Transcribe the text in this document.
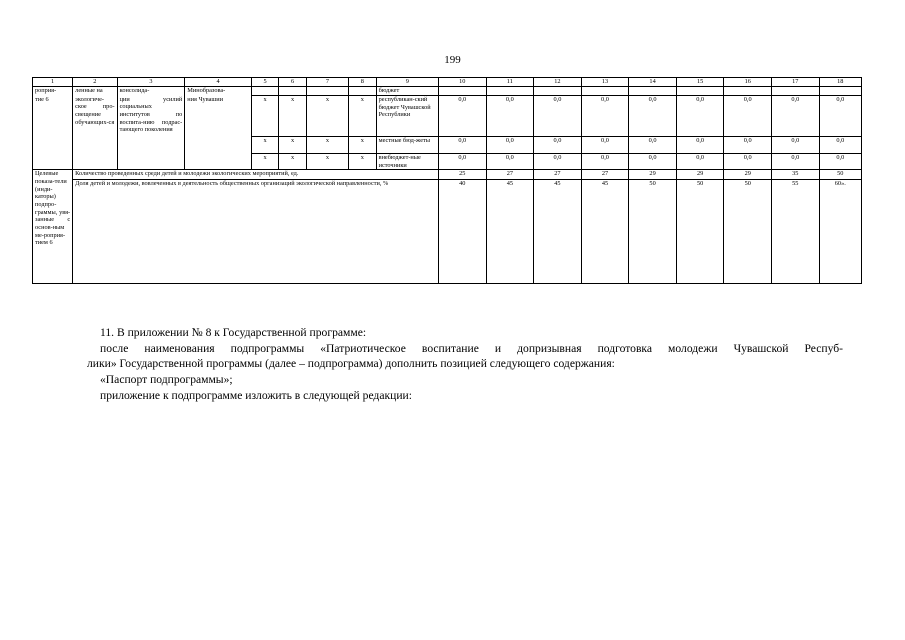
199
1	2	3	4	5	6	7	8	9	10	11	12	13	14	15	16	17	18
роприя-	ленные на	консолида-	Минобразова-					бюджет									
тие 6	экологиче-ское про-свещение обучающих-ся	ции усилий социальных институтов по воспита-нию подрас-тающего поколения	ния Чувашии	x	x	x	x	республикан-ский бюджет Чувашской Республики	0,0	0,0	0,0	0,0	0,0	0,0	0,0	0,0	0,0
				x	x	x	x	местные бюд-жеты	0,0	0,0	0,0	0,0	0,0	0,0	0,0	0,0	0,0
				x	x	x	x	внебюджет-ные источники	0,0	0,0	0,0	0,0	0,0	0,0	0,0	0,0	0,0
Целевые показа-тели (инди-каторы) подпро-граммы, увя-занные с основ-ным ме-роприя-тием 6	Количество проведенных среди детей и молодежи экологических мероприятий, ед.								25	27	27	27	29	29	29	35	50
	Доля детей и молодежи, вовлеченных в деятельность общественных организаций экологической направленности, %								40	45	45	45	50	50	50	55	60».

11. В приложении № 8 к Государственной программе:

после наименования подпрограммы «Патриотическое воспитание и допризывная подготовка молодежи Чувашской Респуб-

лики» Государственной программы (далее – подпрограмма) дополнить позицией следующего содержания:

«Паспорт подпрограммы»;

приложение к подпрограмме изложить в следующей редакции:
